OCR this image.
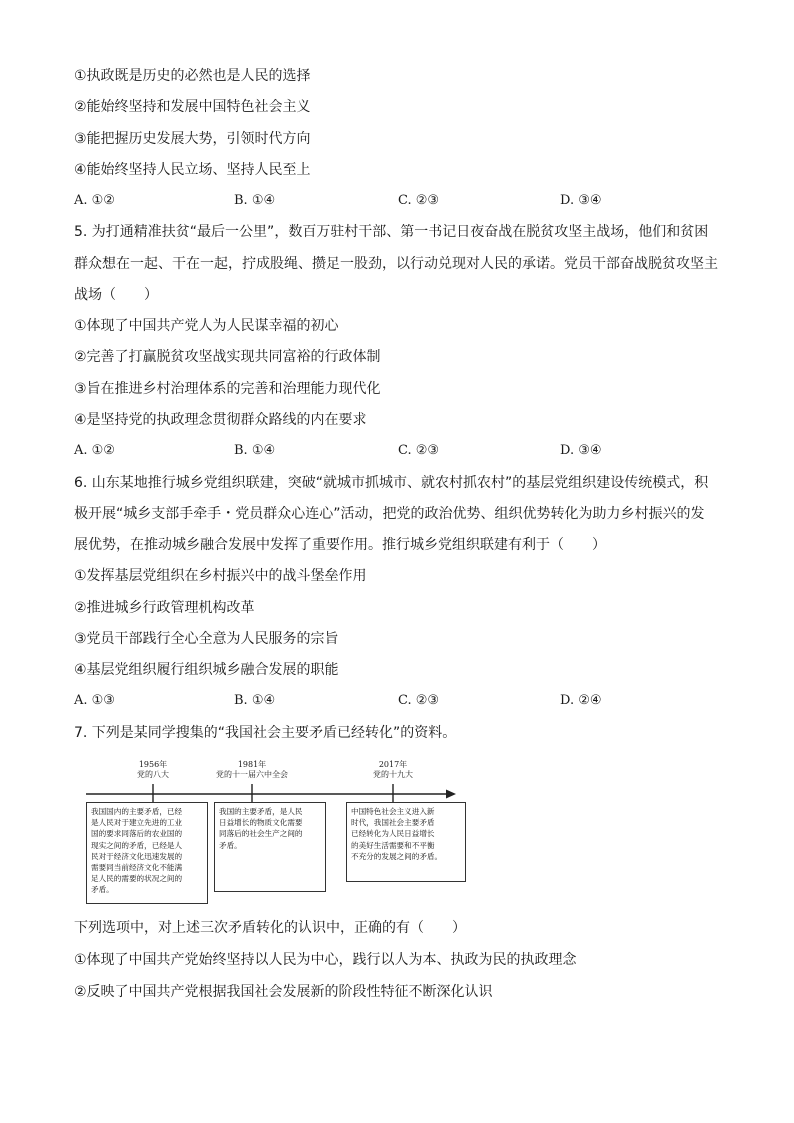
①执政既是历史的必然也是人民的选择
②能始终坚持和发展中国特色社会主义
③能把握历史发展大势，引领时代方向
④能始终坚持人民立场、坚持人民至上
A. ①②	B. ①④	C. ②③	D. ③④
5. 为打通精准扶贫“最后一公里”，数百万驻村干部、第一书记日夜奋战在脱贫攻坚主战场，他们和贫困
群众想在一起、干在一起，拧成股绳、攒足一股劲，以行动兑现对人民的承诺。党员干部奋战脱贫攻坚主
战场（　　）
①体现了中国共产党人为人民谋幸福的初心
②完善了打赢脱贫攻坚战实现共同富裕的行政体制
③旨在推进乡村治理体系的完善和治理能力现代化
④是坚持党的执政理念贯彻群众路线的内在要求
A. ①②	B. ①④	C. ②③	D. ③④
6. 山东某地推行城乡党组织联建，突破“就城市抓城市、就农村抓农村”的基层党组织建设传统模式，积
极开展“城乡支部手牵手・党员群众心连心”活动，把党的政治优势、组织优势转化为助力乡村振兴的发
展优势，在推动城乡融合发展中发挥了重要作用。推行城乡党组织联建有利于（　　）
①发挥基层党组织在乡村振兴中的战斗堡垒作用
②推进城乡行政管理机构改革
③党员干部践行全心全意为人民服务的宗旨
④基层党组织履行组织城乡融合发展的职能
A. ①③	B. ①④	C. ②③	D. ②④
7. 下列是某同学搜集的“我国社会主要矛盾已经转化”的资料。
1956年
党的八大
1981年
党的十一届六中全会
2017年
党的十九大
我国国内的主要矛盾，已经
是人民对于建立先进的工业
国的要求同落后的农业国的
现实之间的矛盾，已经是人
民对于经济文化迅速发展的
需要同当前经济文化不能满
足人民的需要的状况之间的
矛盾。
我国的主要矛盾，是人民
日益增长的物质文化需要
同落后的社会生产之间的
矛盾。
中国特色社会主义进入新
时代，我国社会主要矛盾
已经转化为人民日益增长
的美好生活需要和不平衡
不充分的发展之间的矛盾。
下列选项中，对上述三次矛盾转化的认识中，正确的有（　　）
①体现了中国共产党始终坚持以人民为中心，践行以人为本、执政为民的执政理念
②反映了中国共产党根据我国社会发展新的阶段性特征不断深化认识
